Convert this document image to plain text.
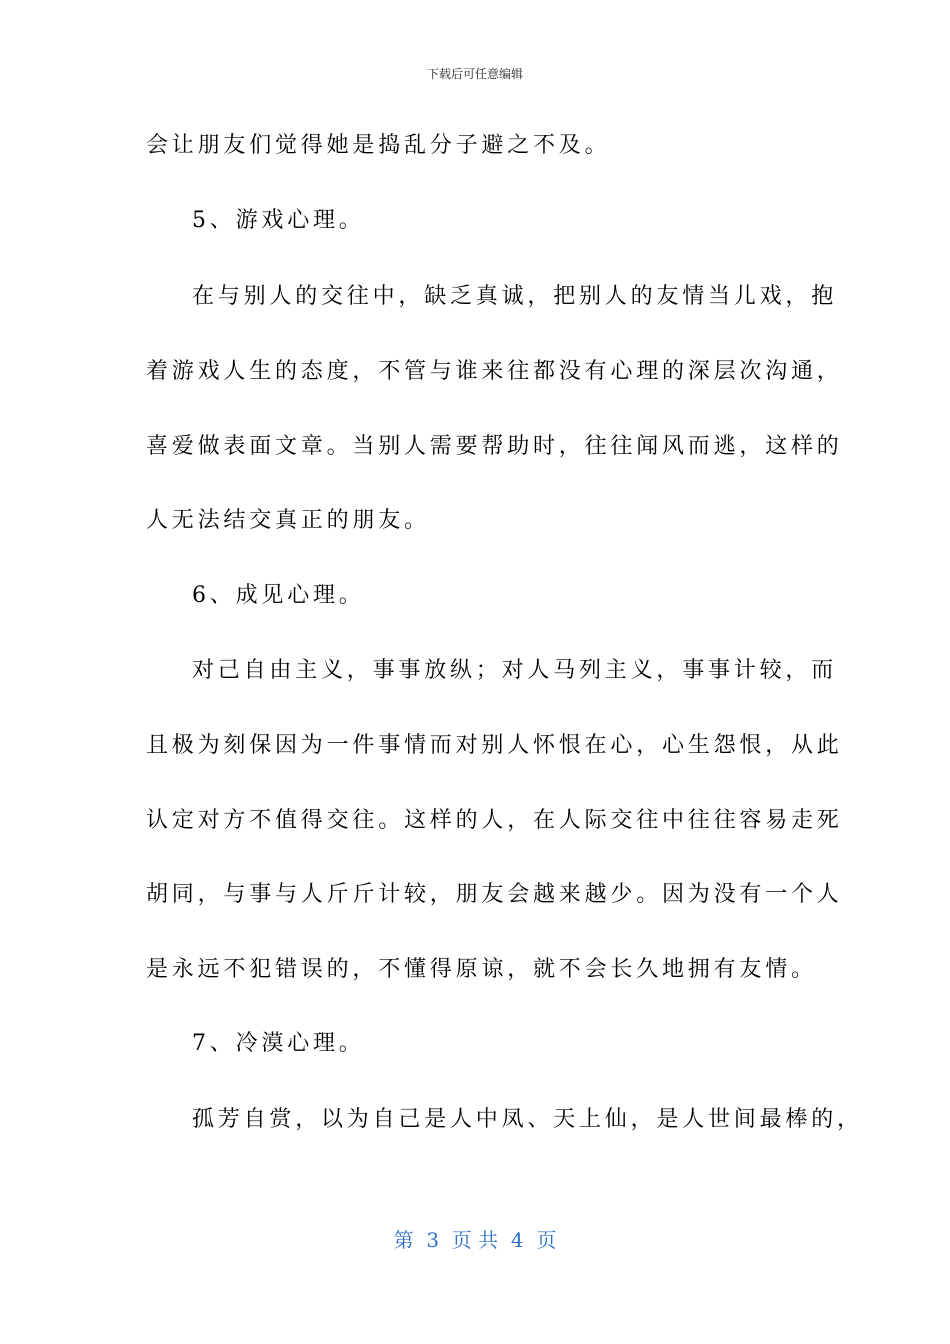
下载后可任意编辑
会让朋友们觉得她是捣乱分子避之不及。
5、游戏心理。
在与别人的交往中，缺乏真诚，把别人的友情当儿戏，抱
着游戏人生的态度，不管与谁来往都没有心理的深层次沟通，
喜爱做表面文章。当别人需要帮助时，往往闻风而逃，这样的
人无法结交真正的朋友。
6、成见心理。
对己自由主义，事事放纵；对人马列主义，事事计较，而
且极为刻保因为一件事情而对别人怀恨在心，心生怨恨，从此
认定对方不值得交往。这样的人，在人际交往中往往容易走死
胡同，与事与人斤斤计较，朋友会越来越少。因为没有一个人
是永远不犯错误的，不懂得原谅，就不会长久地拥有友情。
7、冷漠心理。
孤芳自赏，以为自己是人中凤、天上仙，是人世间最棒的，
第  3  页 共  4  页
